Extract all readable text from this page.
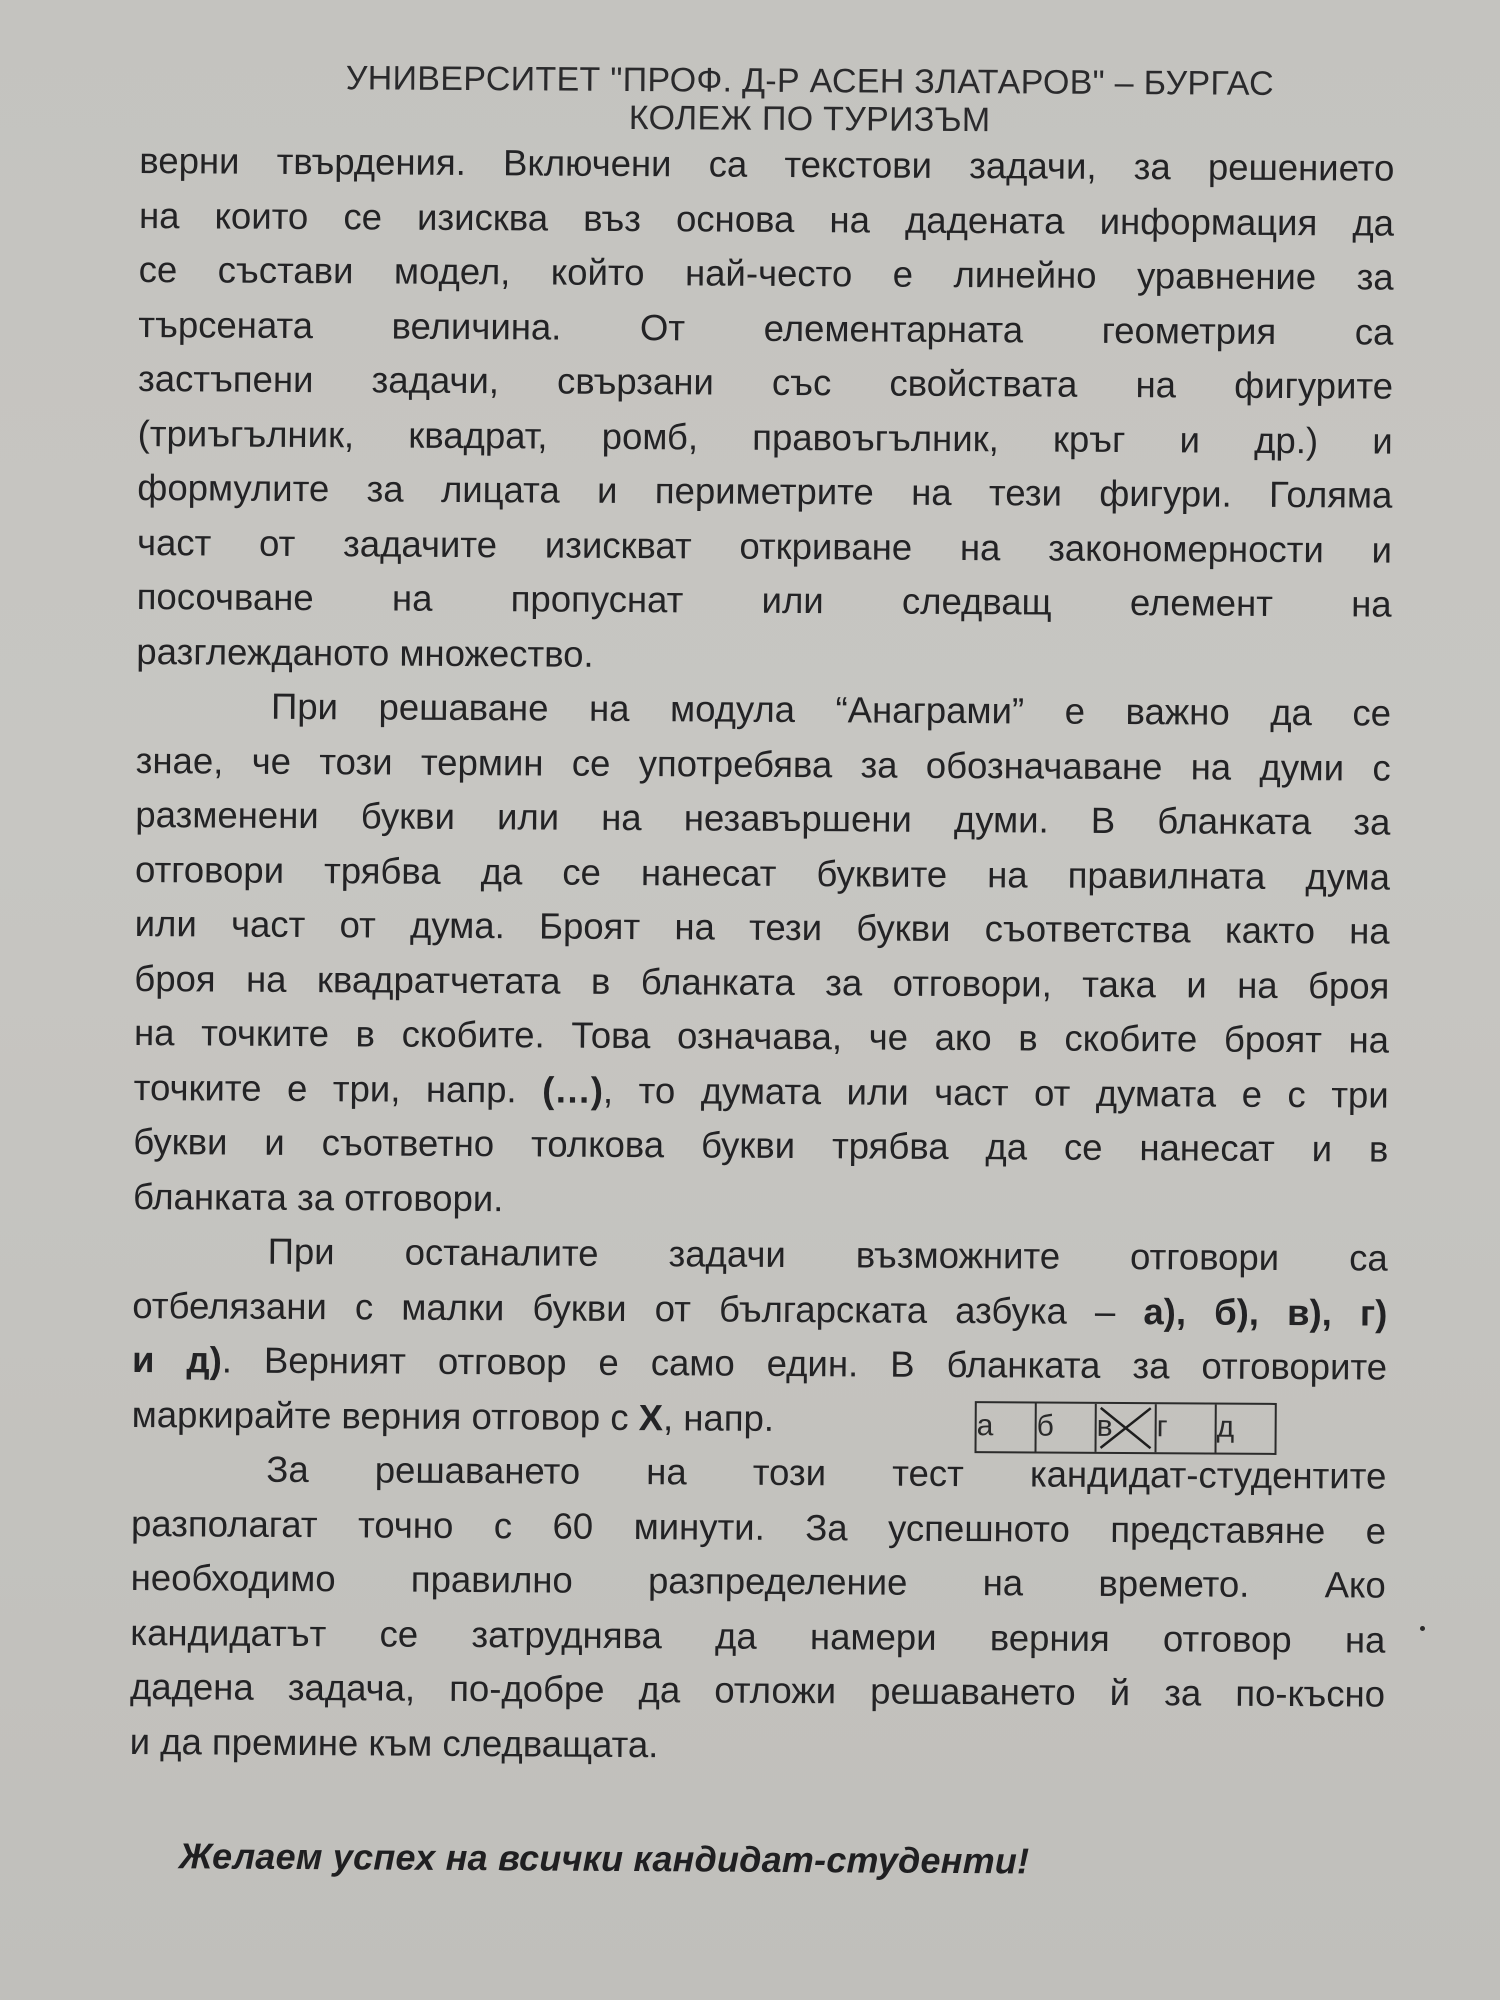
УНИВЕРСИТЕТ "ПРОФ. Д-Р АСЕН ЗЛАТАРОВ" – БУРГАС
КОЛЕЖ ПО ТУРИЗЪМ
верни твърдения. Включени са текстови задачи, за решението
на които се изисква въз основа на дадената информация да
се състави модел, който най-често е линейно уравнение за
търсената величина. От елементарната геометрия са
застъпени задачи, свързани със свойствата на фигурите
(триъгълник, квадрат, ромб, правоъгълник, кръг и др.) и
формулите за лицата и периметрите на тези фигури. Голяма
част от задачите изискват откриване на закономерности и
посочване на пропуснат или следващ елемент на
разглежданото множество.
При решаване на модула “Анаграми” е важно да се
знае, че този термин се употребява за обозначаване на думи с
разменени букви или на незавършени думи. В бланката за
отговори трябва да се нанесат буквите на правилната дума
или част от дума. Броят на тези букви съответства както на
броя на квадратчетата в бланката за отговори, така и на броя
на точките в скобите. Това означава, че ако в скобите броят на
точките е три, напр. (…), то думата или част от думата е с три
букви и съответно толкова букви трябва да се нанесат и в
бланката за отговори.
При останалите задачи възможните отговори са
отбелязани с малки букви от българската азбука – а), б), в), г)
и д). Верният отговор е само един. В бланката за отговорите
маркирайте верния отговор с Х, напр.	а	б	в	г	д
За решаването на този тест кандидат-студентите
разполагат точно с 60 минути. За успешното представяне е
необходимо правилно разпределение на времето. Ако
кандидатът се затруднява да намери верния отговор на
дадена задача, по-добре да отложи решаването й за по-късно
и да премине към следващата.
Желаем успех на всички кандидат-студенти!
